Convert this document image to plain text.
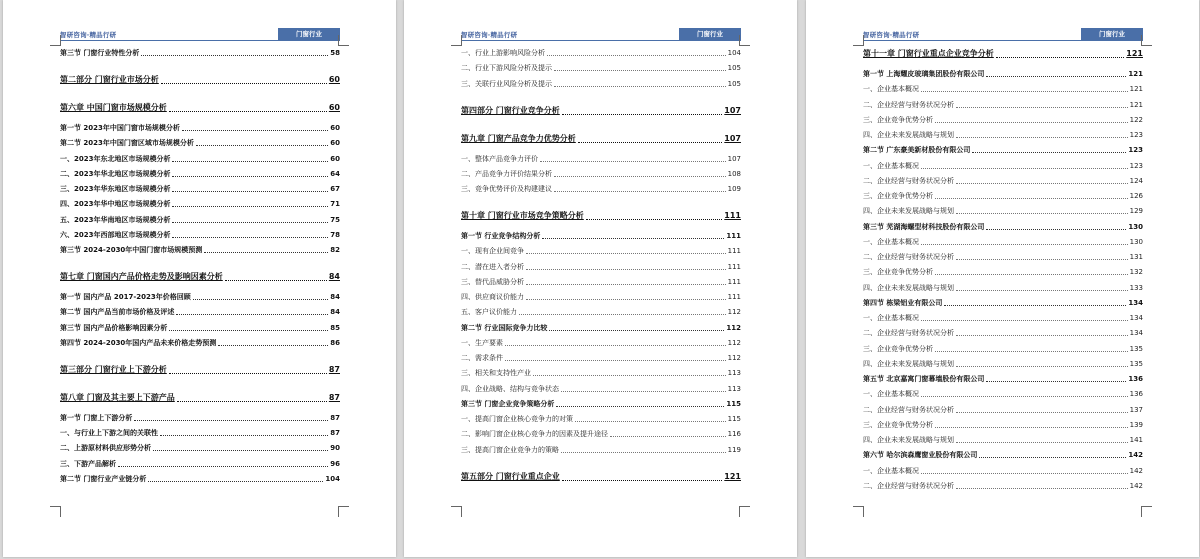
智研咨询·精品行研	门窗行业
第三节 门窗行业特性分析	58
第二部分 门窗行业市场分析	60
第六章 中国门窗市场规模分析	60
第一节 2023年中国门窗市场规模分析	60
第二节 2023年中国门窗区域市场规模分析	60
一、2023年东北地区市场规模分析	60
二、2023年华北地区市场规模分析	64
三、2023年华东地区市场规模分析	67
四、2023年华中地区市场规模分析	71
五、2023年华南地区市场规模分析	75
六、2023年西部地区市场规模分析	78
第三节 2024-2030年中国门窗市场规模预测	82
第七章 门窗国内产品价格走势及影响因素分析	84
第一节 国内产品 2017-2023年价格回顾	84
第二节 国内产品当前市场价格及评述	84
第三节 国内产品价格影响因素分析	85
第四节 2024-2030年国内产品未来价格走势预测	86
第三部分 门窗行业上下游分析	87
第八章 门窗及其主要上下游产品	87
第一节 门窗上下游分析	87
一、与行业上下游之间的关联性	87
二、上游原材料供应形势分析	90
三、下游产品解析	96
第二节 门窗行业产业链分析	104
智研咨询·精品行研	门窗行业
一、行业上游影响风险分析	104
二、行业下游风险分析及提示	105
三、关联行业风险分析及提示	105
第四部分 门窗行业竞争分析	107
第九章 门窗产品竞争力优势分析	107
一、整体产品竞争力评价	107
二、产品竞争力评价结果分析	108
三、竞争优势评价及构建建议	109
第十章 门窗行业市场竞争策略分析	111
第一节 行业竞争结构分析	111
一、现有企业间竞争	111
二、潜在进入者分析	111
三、替代品威胁分析	111
四、供应商议价能力	111
五、客户议价能力	112
第二节 行业国际竞争力比较	112
一、生产要素	112
二、需求条件	112
三、相关和支持性产业	113
四、企业战略、结构与竞争状态	113
第三节 门窗企业竞争策略分析	115
一、提高门窗企业核心竞争力的对策	115
二、影响门窗企业核心竞争力的因素及提升途径	116
三、提高门窗企业竞争力的策略	119
第五部分 门窗行业重点企业	121
智研咨询·精品行研	门窗行业
第十一章 门窗行业重点企业竞争分析	121
第一节 上海耀皮玻璃集团股份有限公司	121
一、企业基本概况	121
二、企业经营与财务状况分析	121
三、企业竞争优势分析	122
四、企业未来发展战略与规划	123
第二节 广东豪美新材股份有限公司	123
一、企业基本概况	123
二、企业经营与财务状况分析	124
三、企业竞争优势分析	126
四、企业未来发展战略与规划	129
第三节 芜湖海螺型材科技股份有限公司	130
一、企业基本概况	130
二、企业经营与财务状况分析	131
三、企业竞争优势分析	132
四、企业未来发展战略与规划	133
第四节 栋梁铝业有限公司	134
一、企业基本概况	134
二、企业经营与财务状况分析	134
三、企业竞争优势分析	135
四、企业未来发展战略与规划	135
第五节 北京嘉寓门窗幕墙股份有限公司	136
一、企业基本概况	136
二、企业经营与财务状况分析	137
三、企业竞争优势分析	139
四、企业未来发展战略与规划	141
第六节 哈尔滨森鹰窗业股份有限公司	142
一、企业基本概况	142
二、企业经营与财务状况分析	142
